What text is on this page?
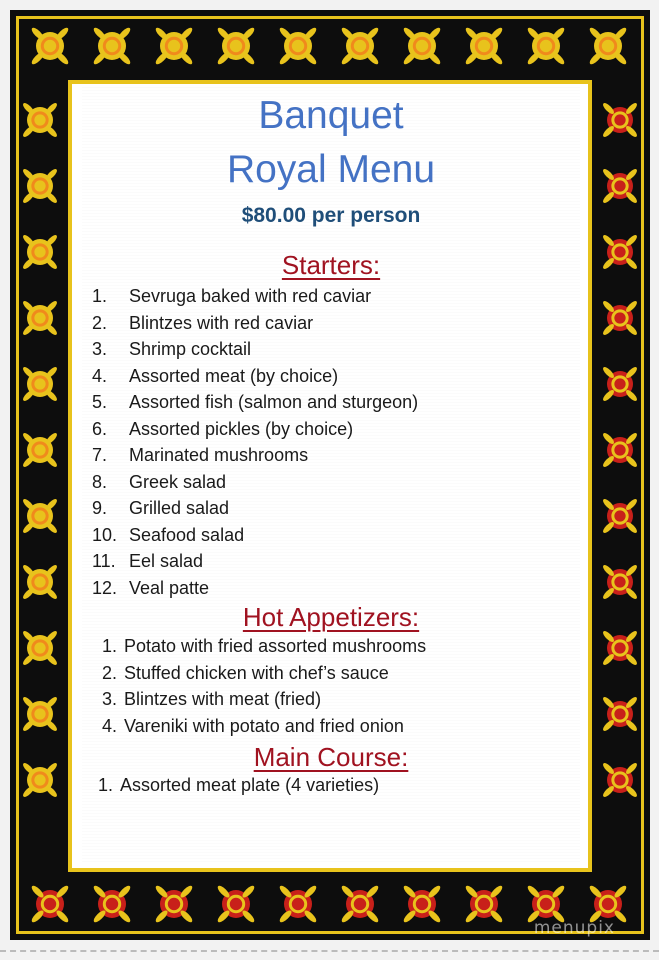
Banquet
Royal Menu
$80.00 per person
Starters:
1. Sevruga baked with red caviar
2. Blintzes with red caviar
3. Shrimp cocktail
4. Assorted meat (by choice)
5. Assorted fish (salmon and sturgeon)
6. Assorted pickles (by choice)
7. Marinated mushrooms
8. Greek salad
9. Grilled salad
10. Seafood salad
11. Eel salad
12. Veal patte
Hot Appetizers:
1. Potato with fried assorted mushrooms
2. Stuffed chicken with chef’s sauce
3. Blintzes with meat (fried)
4. Vareniki with potato and fried onion
Main Course:
1. Assorted meat plate (4 varieties)
menupix
